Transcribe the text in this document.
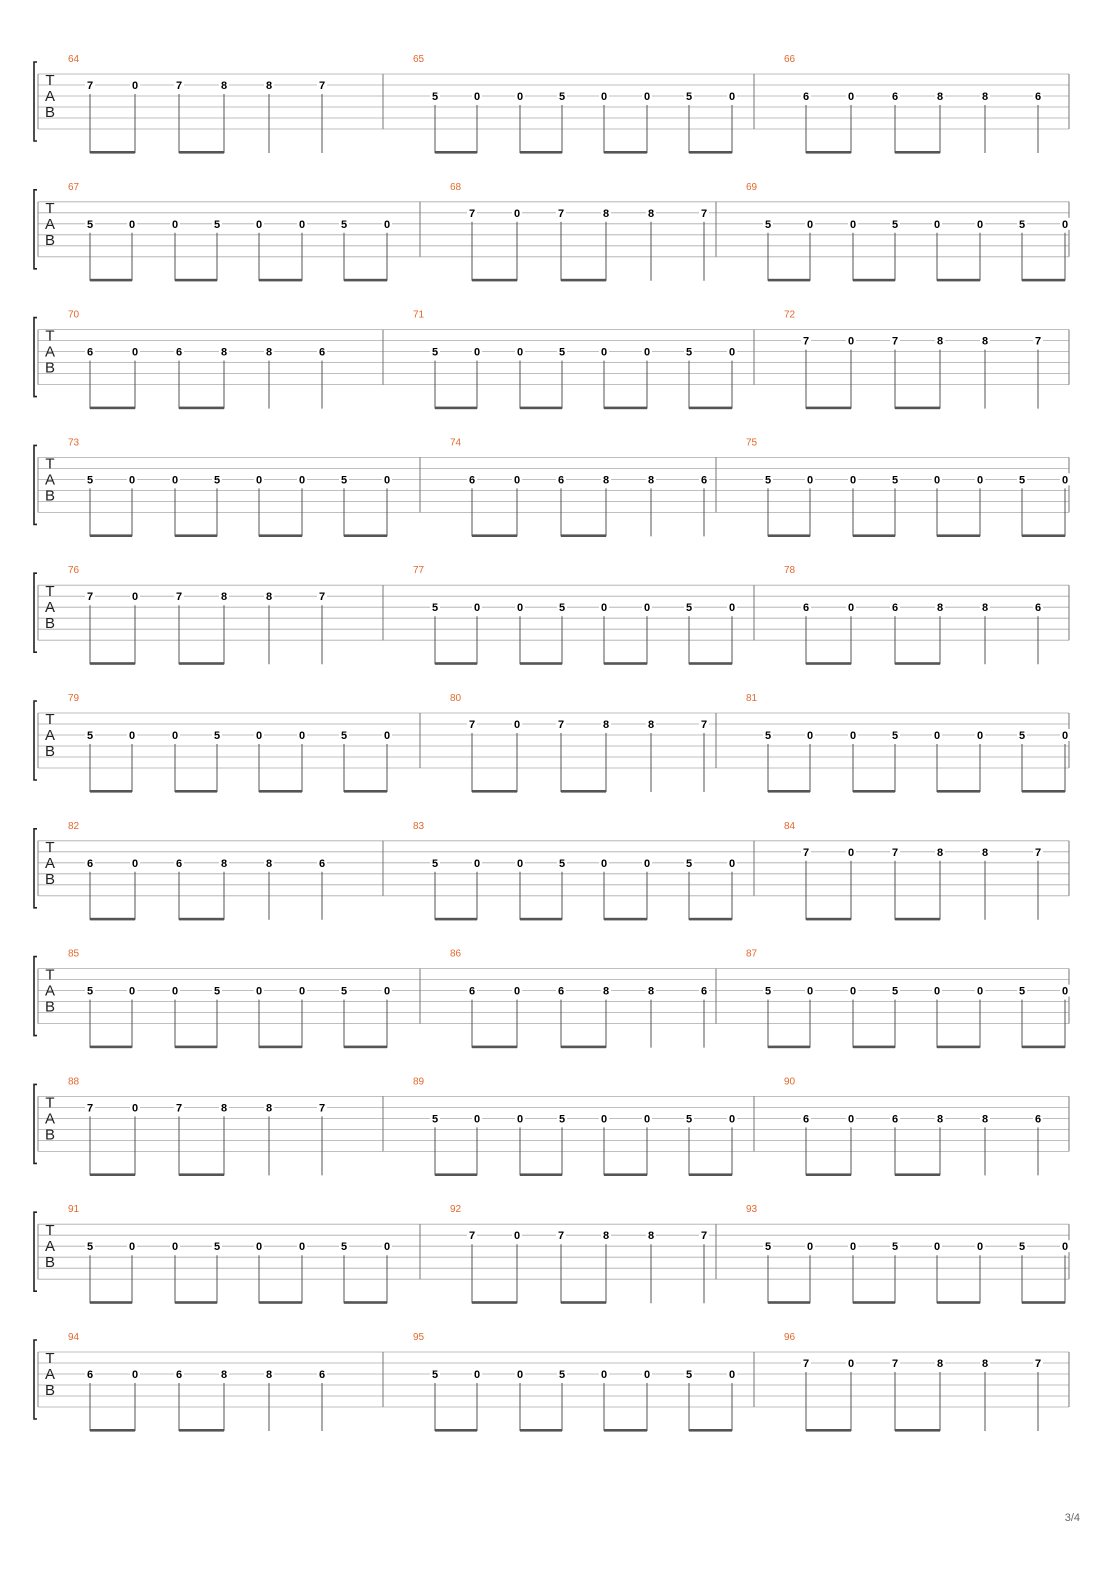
T
A
B
64
7	0	7	8	8	7
65
5	0	0	5	0	0	5	0
66
6	0	6	8	8	6
T
A
B
67
5	0	0	5	0	0	5	0
68
7	0	7	8	8	7
69
5	0	0	5	0	0	5	0
T
A
B
70
6	0	6	8	8	6
71
5	0	0	5	0	0	5	0
72
7	0	7	8	8	7
T
A
B
73
5	0	0	5	0	0	5	0
74
6	0	6	8	8	6
75
5	0	0	5	0	0	5	0
T
A
B
76
7	0	7	8	8	7
77
5	0	0	5	0	0	5	0
78
6	0	6	8	8	6
T
A
B
79
5	0	0	5	0	0	5	0
80
7	0	7	8	8	7
81
5	0	0	5	0	0	5	0
T
A
B
82
6	0	6	8	8	6
83
5	0	0	5	0	0	5	0
84
7	0	7	8	8	7
T
A
B
85
5	0	0	5	0	0	5	0
86
6	0	6	8	8	6
87
5	0	0	5	0	0	5	0
T
A
B
88
7	0	7	8	8	7
89
5	0	0	5	0	0	5	0
90
6	0	6	8	8	6
T
A
B
91
5	0	0	5	0	0	5	0
92
7	0	7	8	8	7
93
5	0	0	5	0	0	5	0
T
A
B
94
6	0	6	8	8	6
95
5	0	0	5	0	0	5	0
96
7	0	7	8	8	7
3/4
